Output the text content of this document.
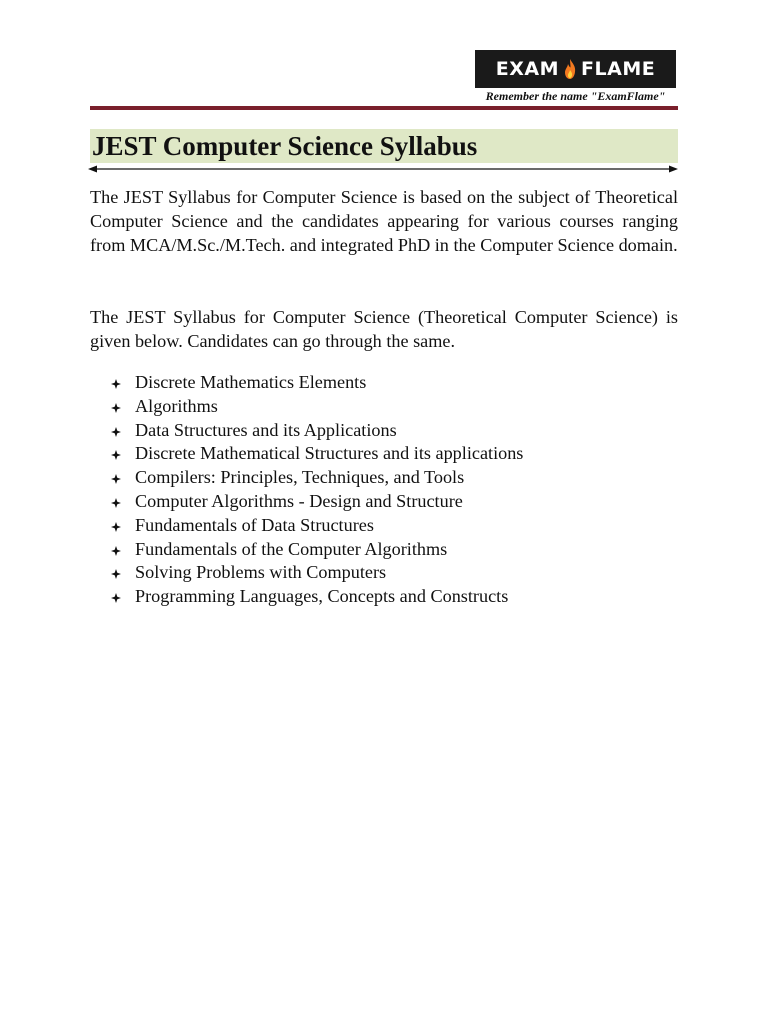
EXAM FLAME
Remember the name "ExamFlame"
JEST Computer Science Syllabus

The JEST Syllabus for Computer Science is based on the subject of Theoretical Computer Science and the candidates appearing for various courses ranging from MCA/M.Sc./M.Tech. and integrated PhD in the Computer Science domain.

The JEST Syllabus for Computer Science (Theoretical Computer Science) is given below. Candidates can go through the same.

Discrete Mathematics Elements
Algorithms
Data Structures and its Applications
Discrete Mathematical Structures and its applications
Compilers: Principles, Techniques, and Tools
Computer Algorithms - Design and Structure
Fundamentals of Data Structures
Fundamentals of the Computer Algorithms
Solving Problems with Computers
Programming Languages, Concepts and Constructs
